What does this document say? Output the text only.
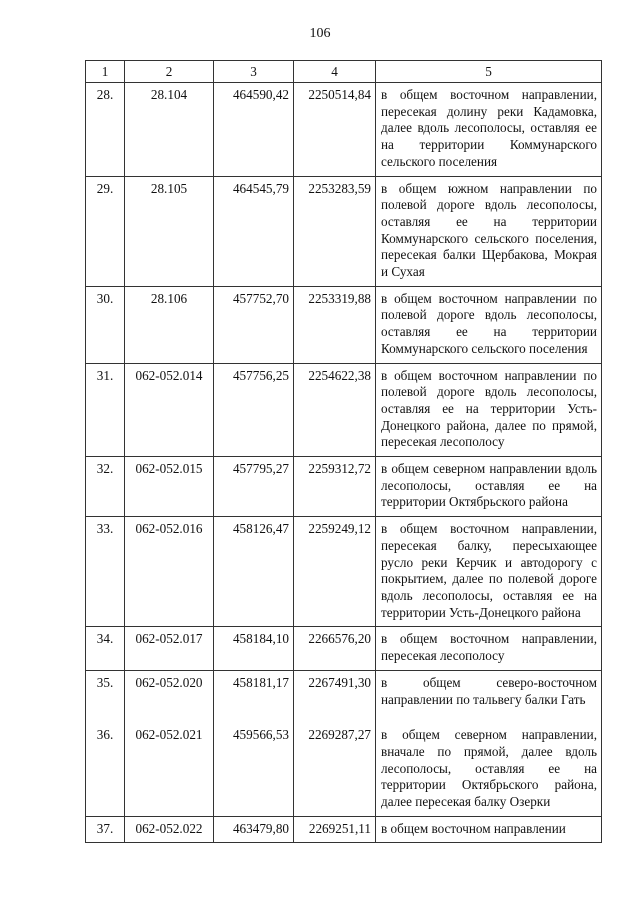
106
1	2	3	4	5
28.	28.104	464590,42	2250514,84	в общем восточном направлении, пересекая долину реки Кадамовка, далее вдоль лесополосы, оставляя ее на территории Коммунарского сельского поселения
29.	28.105	464545,79	2253283,59	в общем южном направлении по полевой дороге вдоль лесополосы, оставляя ее на территории Коммунарского сельского поселения, пересекая балки Щербакова, Мокрая и Сухая
30.	28.106	457752,70	2253319,88	в общем восточном направлении по полевой дороге вдоль лесополосы, оставляя ее на территории Коммунарского сельского поселения
31.	062-052.014	457756,25	2254622,38	в общем восточном направлении по полевой дороге вдоль лесополосы, оставляя ее на территории Усть-Донецкого района, далее по прямой, пересекая лесополосу
32.	062-052.015	457795,27	2259312,72	в общем северном направлении вдоль лесополосы, оставляя ее на территории Октябрьского района
33.	062-052.016	458126,47	2259249,12	в общем восточном направлении, пересекая балку, пересыхающее русло реки Керчик и автодорогу с покрытием, далее по полевой дороге вдоль лесополосы, оставляя ее на территории Усть-Донецкого района
34.	062-052.017	458184,10	2266576,20	в общем восточном направлении, пересекая лесополосу
35.	062-052.020	458181,17	2267491,30	в общем северо-восточном направлении по тальвегу балки Гать
36.	062-052.021	459566,53	2269287,27	в общем северном направлении, вначале по прямой, далее вдоль лесополосы, оставляя ее на территории Октябрьского района, далее пересекая балку Озерки
37.	062-052.022	463479,80	2269251,11	в общем восточном направлении
